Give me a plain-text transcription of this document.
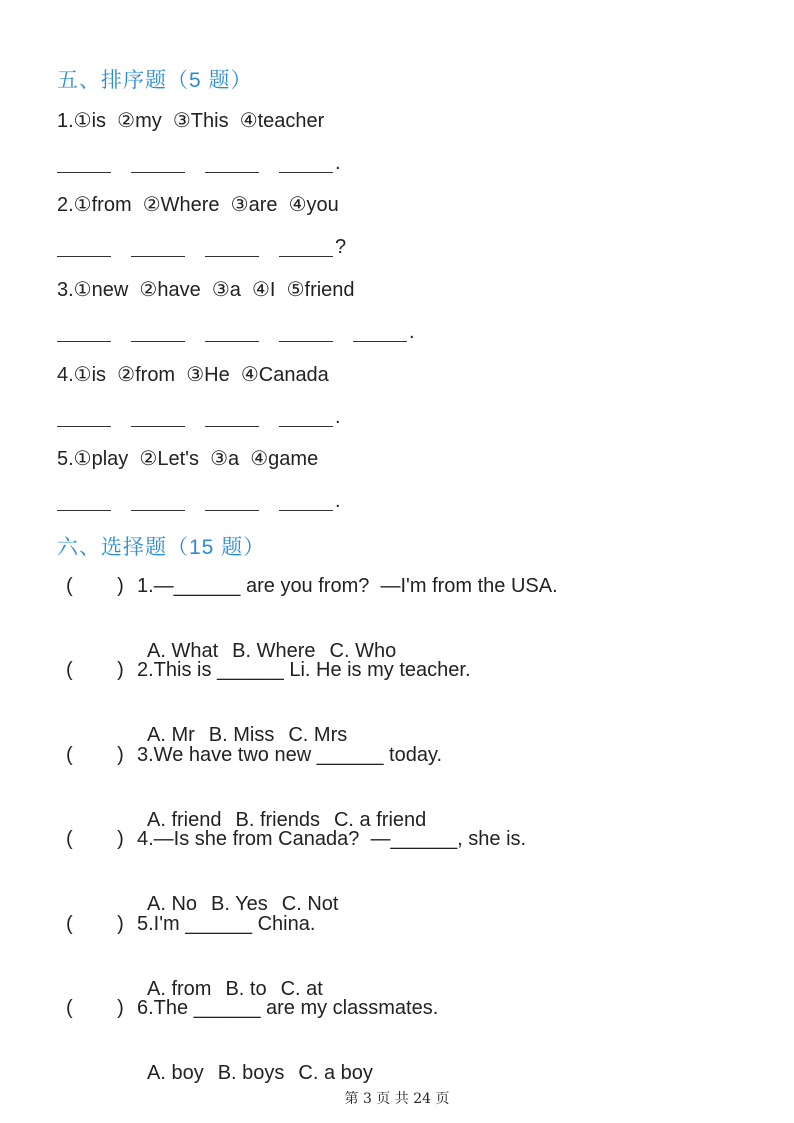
五、排序题（5 题）
1.①is  ②my  ③This  ④teacher
.
2.①from  ②Where  ③are  ④you
?
3.①new  ②have  ③a  ④I  ⑤friend
.
4.①is  ②from  ③He  ④Canada
.
5.①play  ②Let's  ③a  ④game
.
六、选择题（15 题）
(        ) 1.—______ are you from?  —I'm from the USA.

A. What B. Where C. Who

(        ) 2.This is ______ Li. He is my teacher.

A. Mr B. Miss C. Mrs

(        ) 3.We have two new ______ today.

A. friend B. friends C. a friend

(        ) 4.—Is she from Canada?  —______, she is.

A. No B. Yes C. Not

(        ) 5.I'm ______ China.

A. from B. to C. at

(        ) 6.The ______ are my classmates.

A. boy B. boys C. a boy

第 3 页 共 24 页
